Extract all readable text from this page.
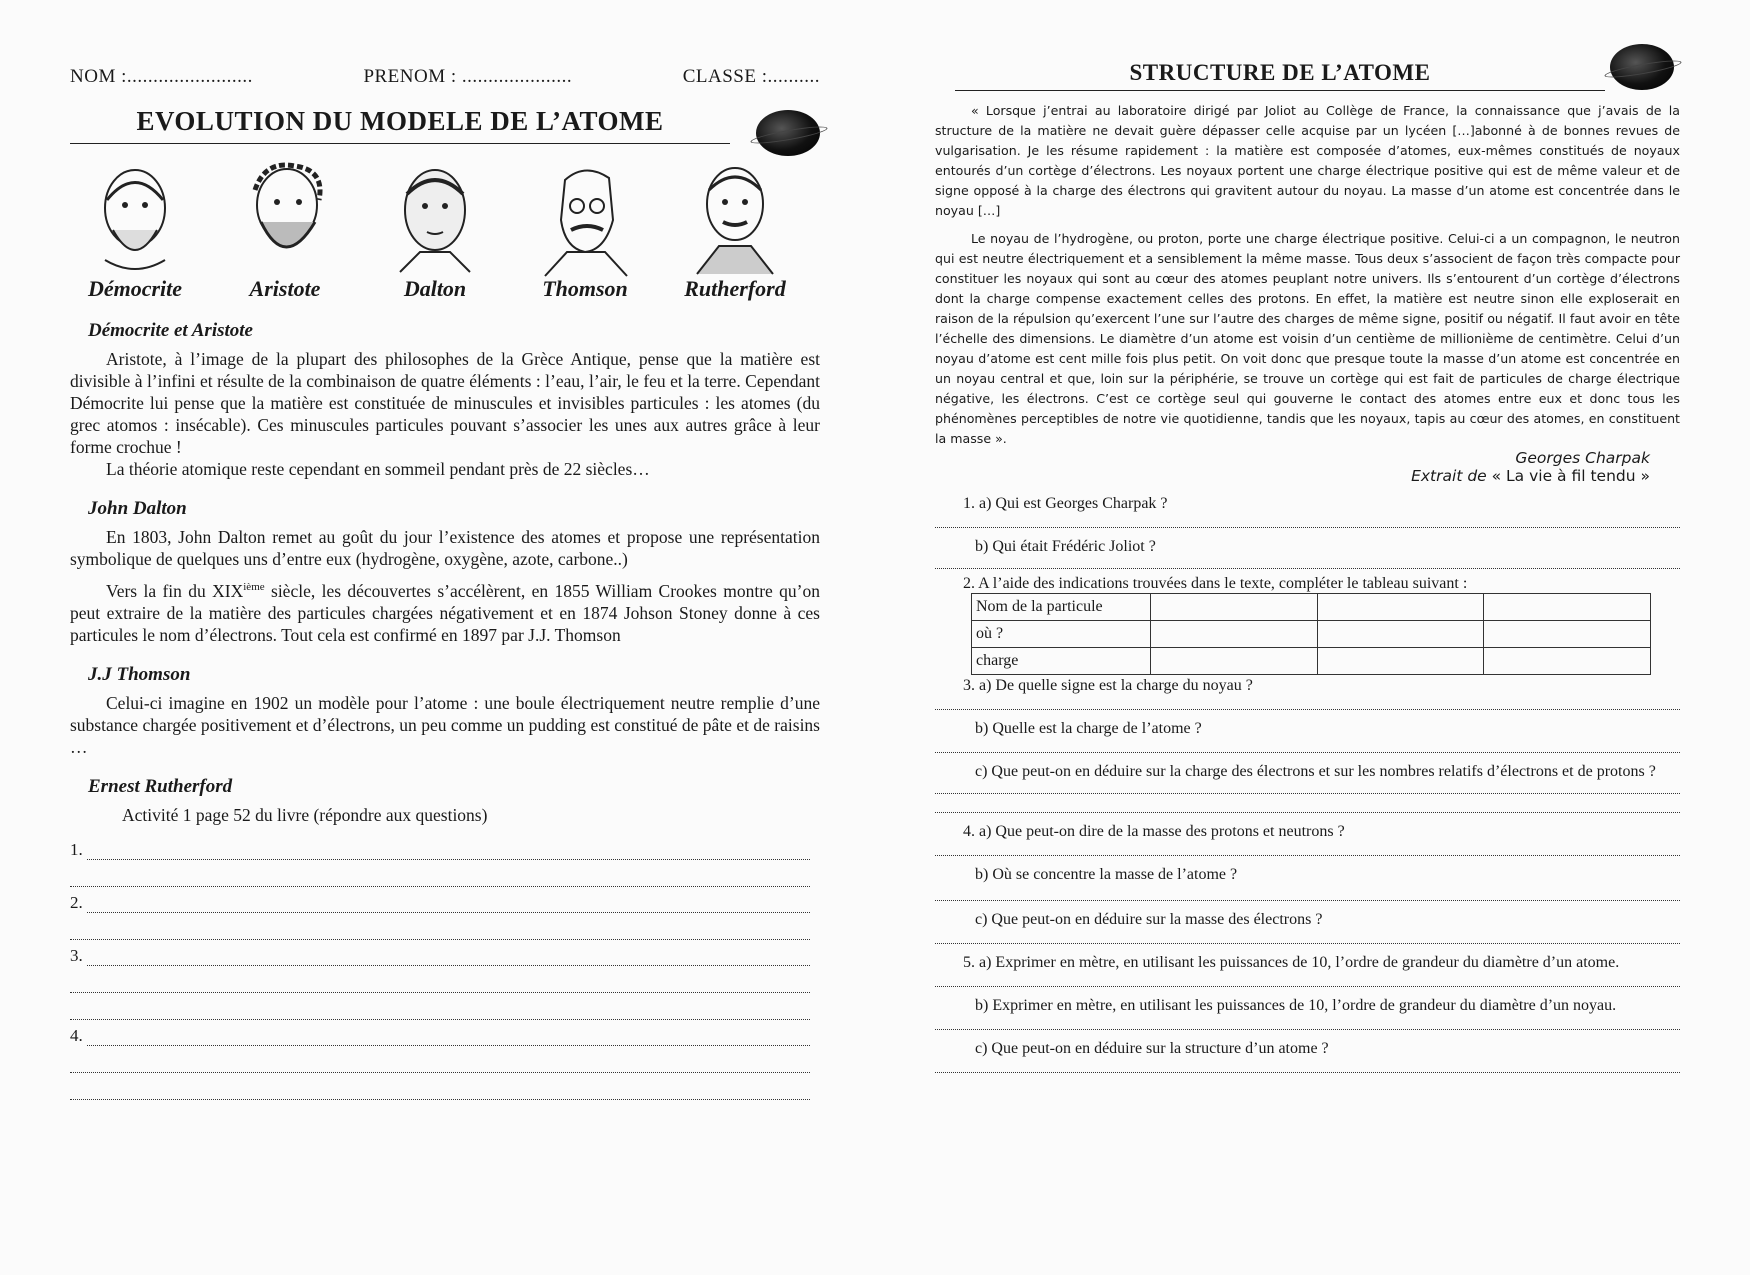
NOM :........................	PRENOM : .....................	CLASSE :..........
EVOLUTION DU MODELE DE L’ATOME
Démocrite	Aristote	Dalton	Thomson	Rutherford
Démocrite et Aristote

Aristote, à l’image de la plupart des philosophes de la Grèce Antique, pense que la matière est divisible à l’infini et résulte de la combinaison de quatre éléments : l’eau, l’air, le feu et la terre. Cependant Démocrite lui pense que la matière est constituée de minuscules et invisibles particules : les atomes (du grec atomos : insécable). Ces minuscules particules pouvant s’associer les unes aux autres grâce à leur forme crochue !

La théorie atomique reste cependant en sommeil pendant près de 22 siècles…

John Dalton

En 1803, John Dalton remet au goût du jour l’existence des atomes et propose une représentation symbolique de quelques uns d’entre eux (hydrogène, oxygène, azote, carbone..)

Vers la fin du XIXième siècle, les découvertes s’accélèrent, en 1855 William Crookes montre qu’on peut extraire de la matière des particules chargées négativement et en 1874 Johson Stoney donne à ces particules le nom d’électrons. Tout cela est confirmé en 1897 par J.J. Thomson

J.J Thomson

Celui-ci imagine en 1902 un modèle pour l’atome : une boule électriquement neutre remplie d’une substance chargée positivement et d’électrons, un peu comme un pudding est constitué de pâte et de raisins …

Ernest Rutherford

Activité 1 page 52 du livre (répondre aux questions)

1.
2.
3.
4.
STRUCTURE DE L’ATOME

« Lorsque j’entrai au laboratoire dirigé par Joliot au Collège de France, la connaissance que j’avais de la structure de la matière ne devait guère dépasser celle acquise par un lycéen […]abonné à de bonnes revues de vulgarisation. Je les résume rapidement : la matière est composée d’atomes, eux-mêmes constitués de noyaux entourés d’un cortège d’électrons. Les noyaux portent une charge électrique positive qui est de même valeur et de signe opposé à la charge des électrons qui gravitent autour du noyau. La masse d’un atome est concentrée dans le noyau […]

Le noyau de l’hydrogène, ou proton, porte une charge électrique positive. Celui-ci a un compagnon, le neutron qui est neutre électriquement et a sensiblement la même masse. Tous deux s’associent de façon très compacte pour constituer les noyaux qui sont au cœur des atomes peuplant notre univers. Ils s’entourent d’un cortège d’électrons dont la charge compense exactement celles des protons. En effet, la matière est neutre sinon elle exploserait en raison de la répulsion qu’exercent l’une sur l’autre des charges de même signe, positif ou négatif. Il faut avoir en tête l’échelle des dimensions. Le diamètre d’un atome est voisin d’un centième de millionième de centimètre. Celui d’un noyau d’atome est cent mille fois plus petit. On voit donc que presque toute la masse d’un atome est concentrée en un noyau central et que, loin sur la périphérie, se trouve un cortège qui est fait de particules de charge électrique négative, les électrons. C’est ce cortège seul qui gouverne le contact des atomes entre eux et donc tous les phénomènes perceptibles de notre vie quotidienne, tandis que les noyaux, tapis au cœur des atomes, en constituent la masse ».

Georges Charpak
Extrait de « La vie à fil tendu »
1. a) Qui est Georges Charpak ?
b) Qui était Frédéric Joliot ?
2. A l’aide des indications trouvées dans le texte, compléter le tableau suivant :
Nom de la particule			
où ?			
charge			
3. a) De quelle signe est la charge du noyau ?
b) Quelle est la charge de l’atome ?
c) Que peut-on en déduire sur la charge des électrons et sur les nombres relatifs d’électrons et de protons ?
4. a) Que peut-on dire de la masse des protons et neutrons ?
b) Où se concentre la masse de l’atome ?
c) Que peut-on en déduire sur la masse des électrons ?
5. a) Exprimer en mètre, en utilisant les puissances de 10, l’ordre de grandeur du diamètre d’un atome.
b) Exprimer en mètre, en utilisant les puissances de 10, l’ordre de grandeur du diamètre d’un noyau.
c) Que peut-on en déduire sur la structure d’un atome ?
